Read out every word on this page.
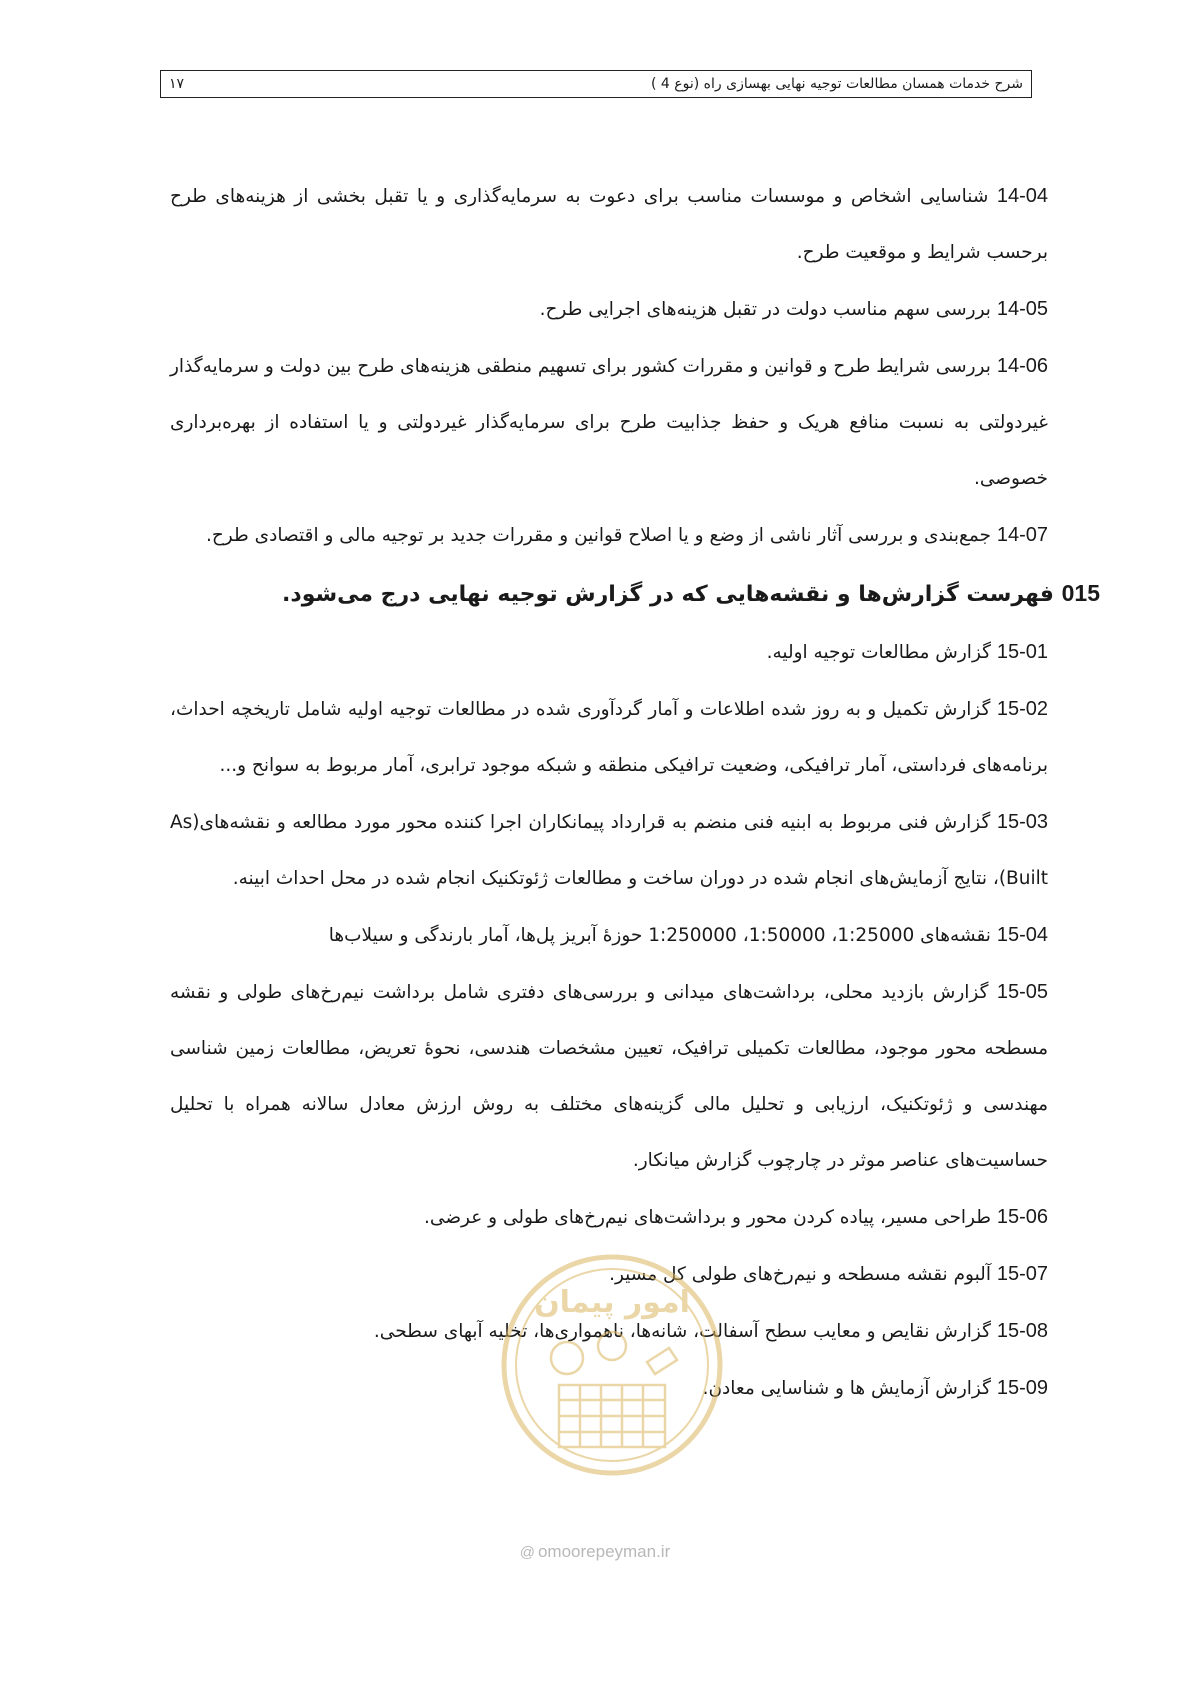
۱۷	شرح خدمات همسان مطالعات توجیه نهایی بهسازی راه (نوع 4 )

14-04 شناسایی اشخاص و موسسات مناسب برای دعوت به سرمایه‌گذاری و یا تقبل بخشی از هزینه‌های طرح برحسب شرایط و موقعیت طرح.

14-05 بررسی سهم مناسب دولت در تقبل هزینه‌های اجرایی طرح.

14-06 بررسی شرایط طرح و قوانین و مقررات کشور برای تسهیم منطقی هزینه‌های طرح بین دولت و سرمایه‌گذار غیردولتی به نسبت منافع هریک و حفظ جذابیت طرح برای سرمایه‌گذار غیردولتی و یا استفاده از بهره‌برداری خصوصی.

14-07 جمع‌بندی و بررسی آثار ناشی از وضع و یا اصلاح قوانین و مقررات جدید بر توجیه مالی و اقتصادی طرح.

015 فهرست گزارش‌ها و نقشه‌هایی که در گزارش توجیه نهایی درج می‌شود.

15-01 گزارش مطالعات توجیه اولیه.

15-02 گزارش تکمیل و به روز شده اطلاعات و آمار گردآوری شده در مطالعات توجیه اولیه شامل تاریخچه احداث، برنامه‌های فرداستی، آمار ترافیکی، وضعیت ترافیکی منطقه و شبکه موجود ترابری، آمار مربوط به سوانح و...

15-03 گزارش فنی مربوط به ابنیه فنی منضم به قرارداد پیمانکاران اجرا کننده محور مورد مطالعه و نقشه‌های(As Built)، نتایج آزمایش‌های انجام شده در دوران ساخت و مطالعات ژئوتکنیک انجام شده در محل احداث ابینه.

15-04 نقشه‌های 1:25000، 1:50000، 1:250000 حوزهٔ آبریز پل‌ها، آمار بارندگی و سیلاب‌ها

15-05 گزارش بازدید محلی، برداشت‌های میدانی و بررسی‌های دفتری شامل برداشت نیم‌رخ‌های طولی و نقشه مسطحه محور موجود، مطالعات تکمیلی ترافیک، تعیین مشخصات هندسی، نحوهٔ تعریض، مطالعات زمین شناسی مهندسی و ژئوتکنیک، ارزیابی و تحلیل مالی گزینه‌های مختلف به روش ارزش معادل سالانه همراه با تحلیل حساسیت‌های عناصر موثر در چارچوب گزارش میانکار.

15-06 طراحی مسیر، پیاده کردن محور و برداشت‌های نیم‌رخ‌های طولی و عرضی.

15-07 آلبوم نقشه مسطحه و نیم‌رخ‌های طولی کل مسیر.

15-08 گزارش نقایص و معایب سطح آسفالت، شانه‌ها، ناهمواری‌ها، تخلیه آبهای سطحی.

15-09 گزارش آزمایش ها و شناسایی معادن.

امور پیمان
@ omoorepeyman.ir
